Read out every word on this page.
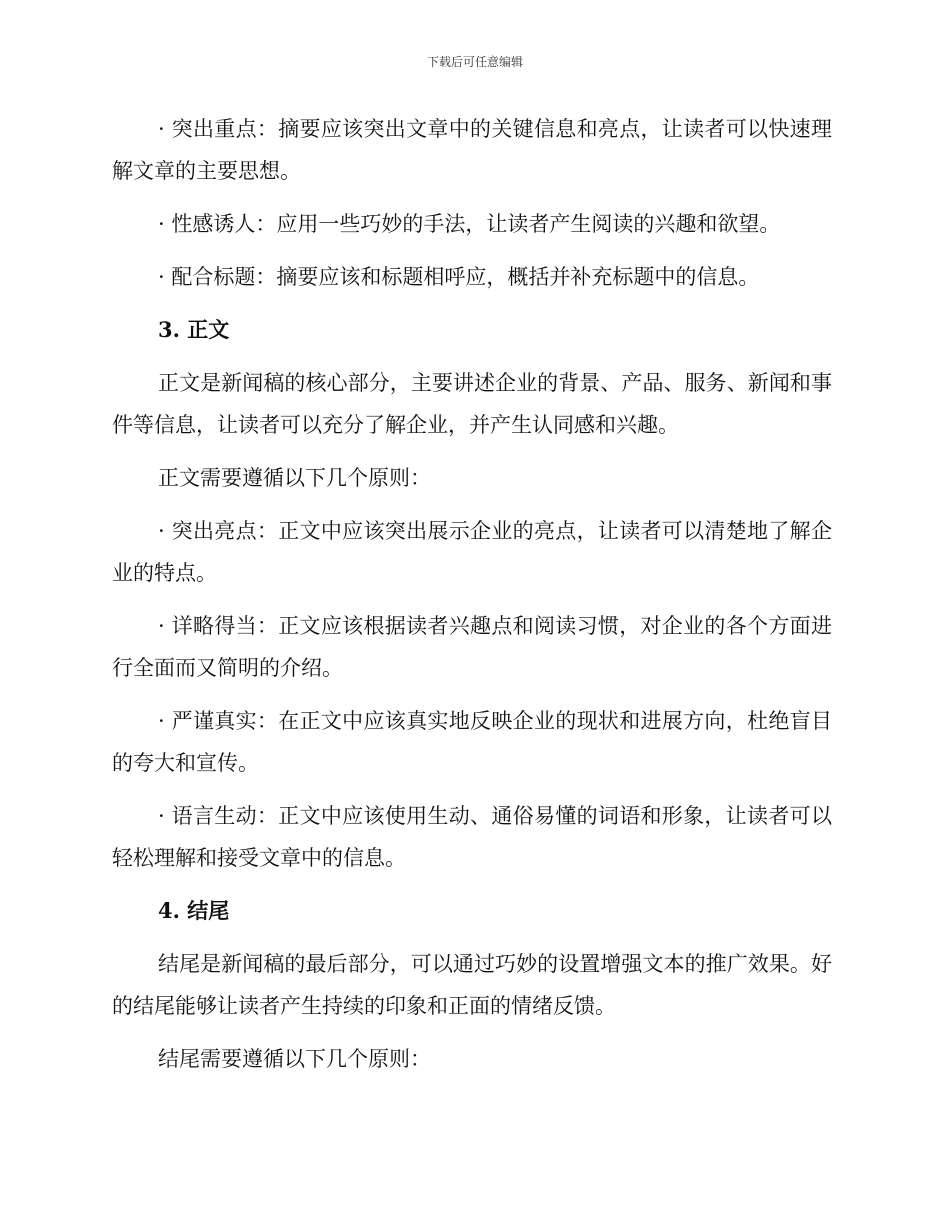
下载后可任意编辑

· 突出重点：摘要应该突出文章中的关键信息和亮点，让读者可以快速理解文章的主要思想。

· 性感诱人：应用一些巧妙的手法，让读者产生阅读的兴趣和欲望。

· 配合标题：摘要应该和标题相呼应，概括并补充标题中的信息。

3. 正文

正文是新闻稿的核心部分，主要讲述企业的背景、产品、服务、新闻和事件等信息，让读者可以充分了解企业，并产生认同感和兴趣。

正文需要遵循以下几个原则：

· 突出亮点：正文中应该突出展示企业的亮点，让读者可以清楚地了解企业的特点。

· 详略得当：正文应该根据读者兴趣点和阅读习惯，对企业的各个方面进行全面而又简明的介绍。

· 严谨真实：在正文中应该真实地反映企业的现状和进展方向，杜绝盲目的夸大和宣传。

· 语言生动：正文中应该使用生动、通俗易懂的词语和形象，让读者可以轻松理解和接受文章中的信息。

4. 结尾

结尾是新闻稿的最后部分，可以通过巧妙的设置增强文本的推广效果。好的结尾能够让读者产生持续的印象和正面的情绪反馈。

结尾需要遵循以下几个原则：
